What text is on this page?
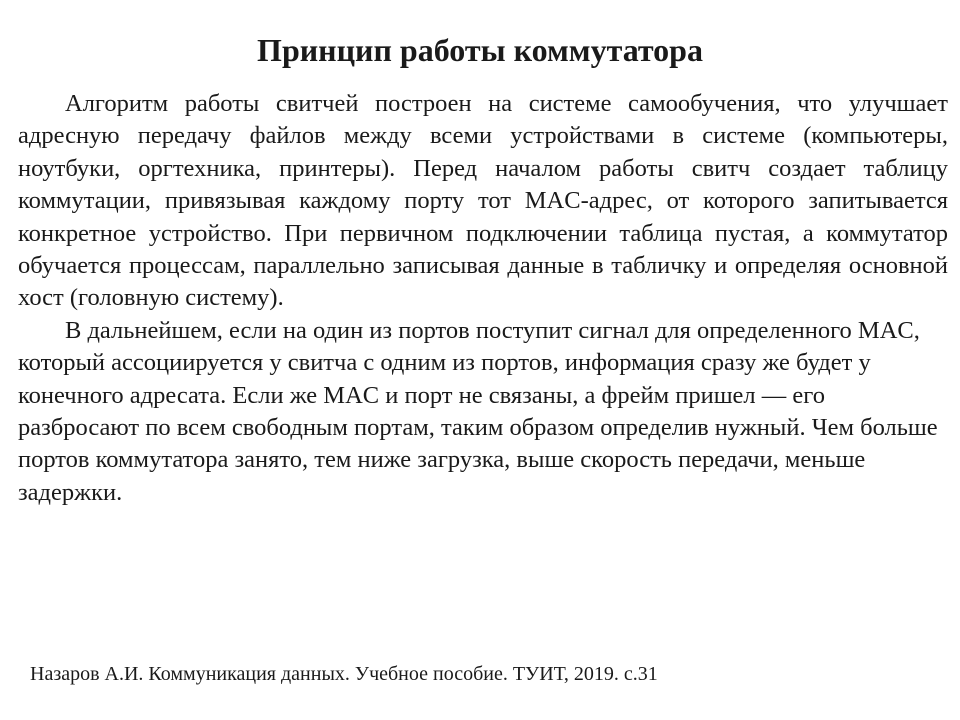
Принцип работы коммутатора

Алгоритм работы свитчей построен на системе самообучения, что улучшает адресную передачу файлов между всеми устройствами в системе (компьютеры, ноутбуки, оргтехника, принтеры). Перед началом работы свитч создает таблицу коммутации, привязывая каждому порту тот MAC-адрес, от которого запитывается конкретное устройство. При первичном подключении таблица пустая, а коммутатор обучается процессам, параллельно записывая данные в табличку и определяя основной хост (головную систему).

В дальнейшем, если на один из портов поступит сигнал для определенного MAC, который ассоциируется у свитча с одним из портов, информация сразу же будет у конечного адресата. Если же MAC и порт не связаны, а фрейм пришел — его разбросают по всем свободным портам, таким образом определив нужный. Чем больше портов коммутатора занято, тем ниже загрузка, выше скорость передачи, меньше задержки.

Назаров А.И. Коммуникация данных. Учебное пособие. ТУИТ, 2019. с.31
